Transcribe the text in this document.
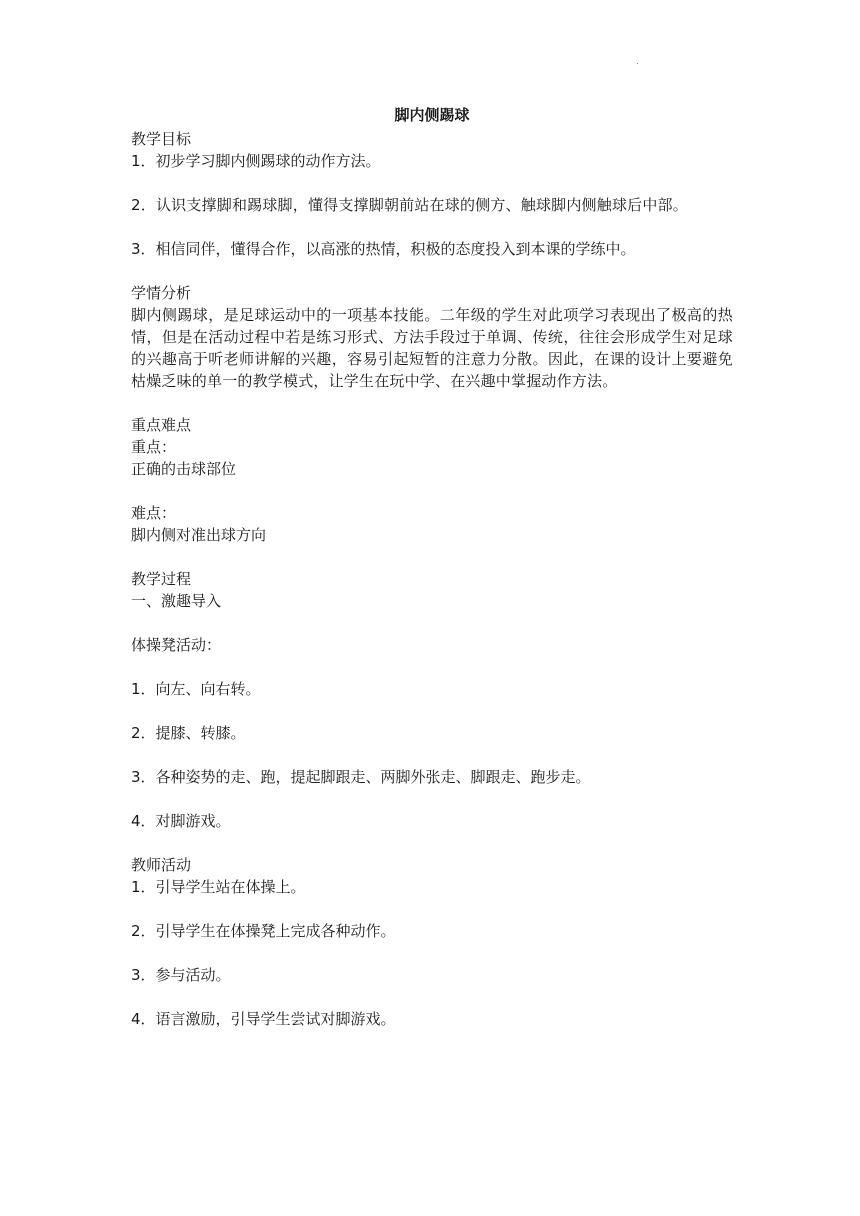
.
脚内侧踢球
教学目标
1．初步学习脚内侧踢球的动作方法。
2．认识支撑脚和踢球脚，懂得支撑脚朝前站在球的侧方、触球脚内侧触球后中部。
3．相信同伴，懂得合作，以高涨的热情，积极的态度投入到本课的学练中。
学情分析
脚内侧踢球，是足球运动中的一项基本技能。二年级的学生对此项学习表现出了极高的热情，但是在活动过程中若是练习形式、方法手段过于单调、传统，往往会形成学生对足球的兴趣高于听老师讲解的兴趣，容易引起短暂的注意力分散。因此，在课的设计上要避免枯燥乏味的单一的教学模式，让学生在玩中学、在兴趣中掌握动作方法。
重点难点
重点：
正确的击球部位
难点：
脚内侧对准出球方向
教学过程
一、激趣导入
体操凳活动：
1．向左、向右转。
2．提膝、转膝。
3．各种姿势的走、跑，提起脚跟走、两脚外张走、脚跟走、跑步走。
4．对脚游戏。
教师活动
1．引导学生站在体操上。
2．引导学生在体操凳上完成各种动作。
3．参与活动。
4．语言激励，引导学生尝试对脚游戏。
